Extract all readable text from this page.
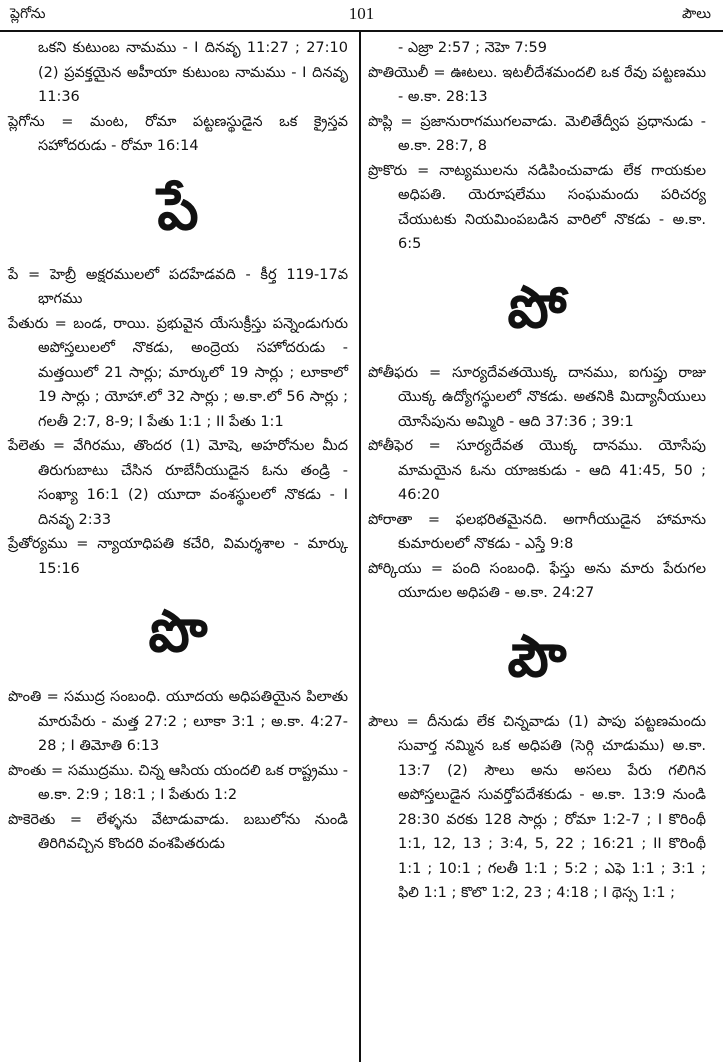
ప్లెగోను	101	పౌలు

ఒకని కుటుంబ నామము - I దినవృ 11:27 ; 27:10 (2) ప్రవక్తయైన అహీయా కుటుంబ నామము - I దినవృ 11:36

ప్లెగోను = మంట, రోమా పట్టణస్థుడైన ఒక క్రైస్తవ సహోదరుడు - రోమా 16:14

పే

పే = హెబ్రీ అక్షరములలో పదహేడవది - కీర్త 119-17వ భాగము

పేతురు = బండ, రాయి. ప్రభువైన యేసుక్రీస్తు పన్నెండుగురు అపోస్తలులలో నొకడు, అంద్రెయ సహోదరుడు - మత్తయిలో 21 సార్లు; మార్కులో 19 సార్లు ; లూకాలో 19 సార్లు ; యోహా.లో 32 సార్లు ; అ.కా.లో 56 సార్లు ; గలతీ 2:7, 8-9; I పేతు 1:1 ; II పేతు 1:1

పేలెతు = వేగిరము, తొందర (1) మోషె, అహరోనుల మీద తిరుగుబాటు చేసిన రూబేనీయుడైన ఓను తండ్రి - సంఖ్యా 16:1 (2) యూదా వంశస్థులలో నొకడు - I దినవృ 2:33

ప్రేతోర్యము = న్యాయాధిపతి కచేరి, విమర్శశాల - మార్కు 15:16

పొ

పొంతి = సముద్ర సంబంధి. యూదయ అధిపతియైన పిలాతు మారుపేరు - మత్త 27:2 ; లూకా 3:1 ; అ.కా. 4:27-28 ; I తిమోతి 6:13

పొంతు = సముద్రము. చిన్న ఆసియ యందలి ఒక రాష్ట్రము - అ.కా. 2:9 ; 18:1 ; I పేతురు 1:2

పొకెరెతు = లేళ్ళను వేటాడువాడు. బబులోను నుండి తిరిగివచ్చిన కొందరి వంశపితరుడు

- ఎజ్రా 2:57 ; నెహె 7:59

పొతియొలీ = ఊటలు. ఇటలీదేశమందలి ఒక రేవు పట్టణము - అ.కా. 28:13

పొప్లి = ప్రజానురాగముగలవాడు. మెలితేద్వీప ప్రధానుడు - అ.కా. 28:7, 8

ప్రొకొరు = నాట్యములను నడిపించువాడు లేక గాయకుల అధిపతి. యెరూషలేము సంఘమందు పరిచర్య చేయుటకు నియమింపబడిన వారిలో నొకడు - అ.కా. 6:5

పో

పోతీఫరు = సూర్యదేవతయొక్క దానము, ఐగుప్తు రాజు యొక్క ఉద్యోగస్థులలో నొకడు. అతనికి మిద్యానీయులు యోసేపును అమ్మిరి - ఆది 37:36 ; 39:1

పోతీఫెర = సూర్యదేవత యొక్క దానము. యోసేపు మామయైన ఓను యాజకుడు - ఆది 41:45, 50 ; 46:20

పోరాతా = ఫలభరితమైనది. అగాగీయుడైన హామాను కుమారులలో నొకడు - ఎస్తే 9:8

పోర్కియు = పంది సంబంధి. ఫేస్తు అను మారు పేరుగల యూదుల అధిపతి - అ.కా. 24:27

పౌ

పౌలు = దీనుడు లేక చిన్నవాడు (1) పాపు పట్టణమందు సువార్త నమ్మిన ఒక అధిపతి (సెర్గి చూడుము) అ.కా. 13:7 (2) సౌలు అను అసలు పేరు గలిగిన అపోస్తలుడైన సువర్తోపదేశకుడు - అ.కా. 13:9 నుండి 28:30 వరకు 128 సార్లు ; రోమా 1:2-7 ; I కొరింథీ 1:1, 12, 13 ; 3:4, 5, 22 ; 16:21 ; II కొరింథీ 1:1 ; 10:1 ; గలతీ 1:1 ; 5:2 ; ఎఫె 1:1 ; 3:1 ; ఫిలి 1:1 ; కొలొ 1:2, 23 ; 4:18 ; I థెస్స 1:1 ;
